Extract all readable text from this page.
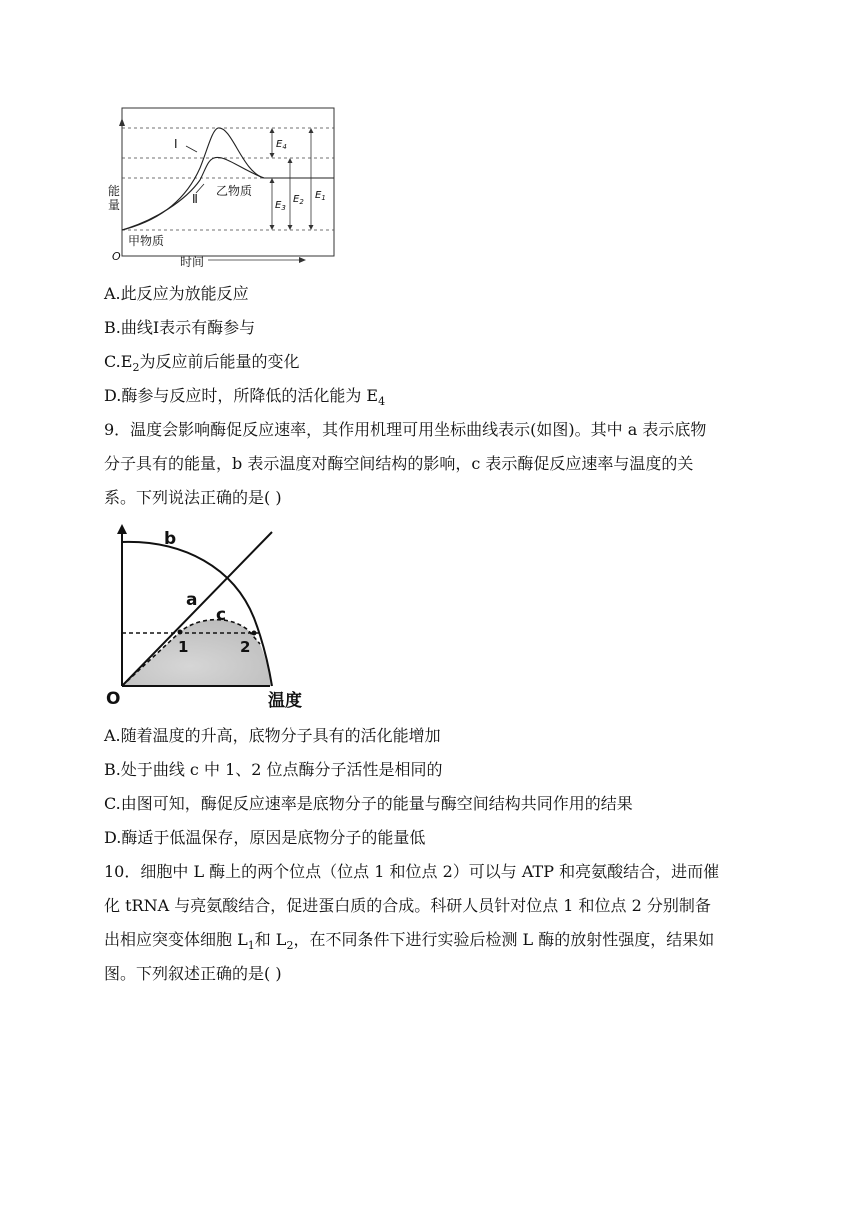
Ⅰ
Ⅱ
乙物质
甲物质
$E_4$
$E_3$
$E_2$
$E_1$
能量
O	时间

A.此反应为放能反应

B.曲线Ⅰ表示有酶参与

$C.E_2$为反应前后能量的变化

D.酶参与反应时，所降低的活化能为 $E_4$

9．温度会影响酶促反应速率，其作用机理可用坐标曲线表示(如图)。其中 a 表示底物

分子具有的能量，b 表示温度对酶空间结构的影响，c 表示酶促反应速率与温度的关

系。下列说法正确的是( )

b
a
c
1	2
O	温度

A.随着温度的升高，底物分子具有的活化能增加

B.处于曲线 c 中 1、2 位点酶分子活性是相同的

C.由图可知，酶促反应速率是底物分子的能量与酶空间结构共同作用的结果

D.酶适于低温保存，原因是底物分子的能量低

10．细胞中 L 酶上的两个位点（位点 1 和位点 2）可以与 ATP 和亮氨酸结合，进而催

化 tRNA 与亮氨酸结合，促进蛋白质的合成。科研人员针对位点 1 和位点 2 分别制备

出相应突变体细胞 $L_1$和 $L_2$，在不同条件下进行实验后检测 L 酶的放射性强度，结果如

图。下列叙述正确的是( )
